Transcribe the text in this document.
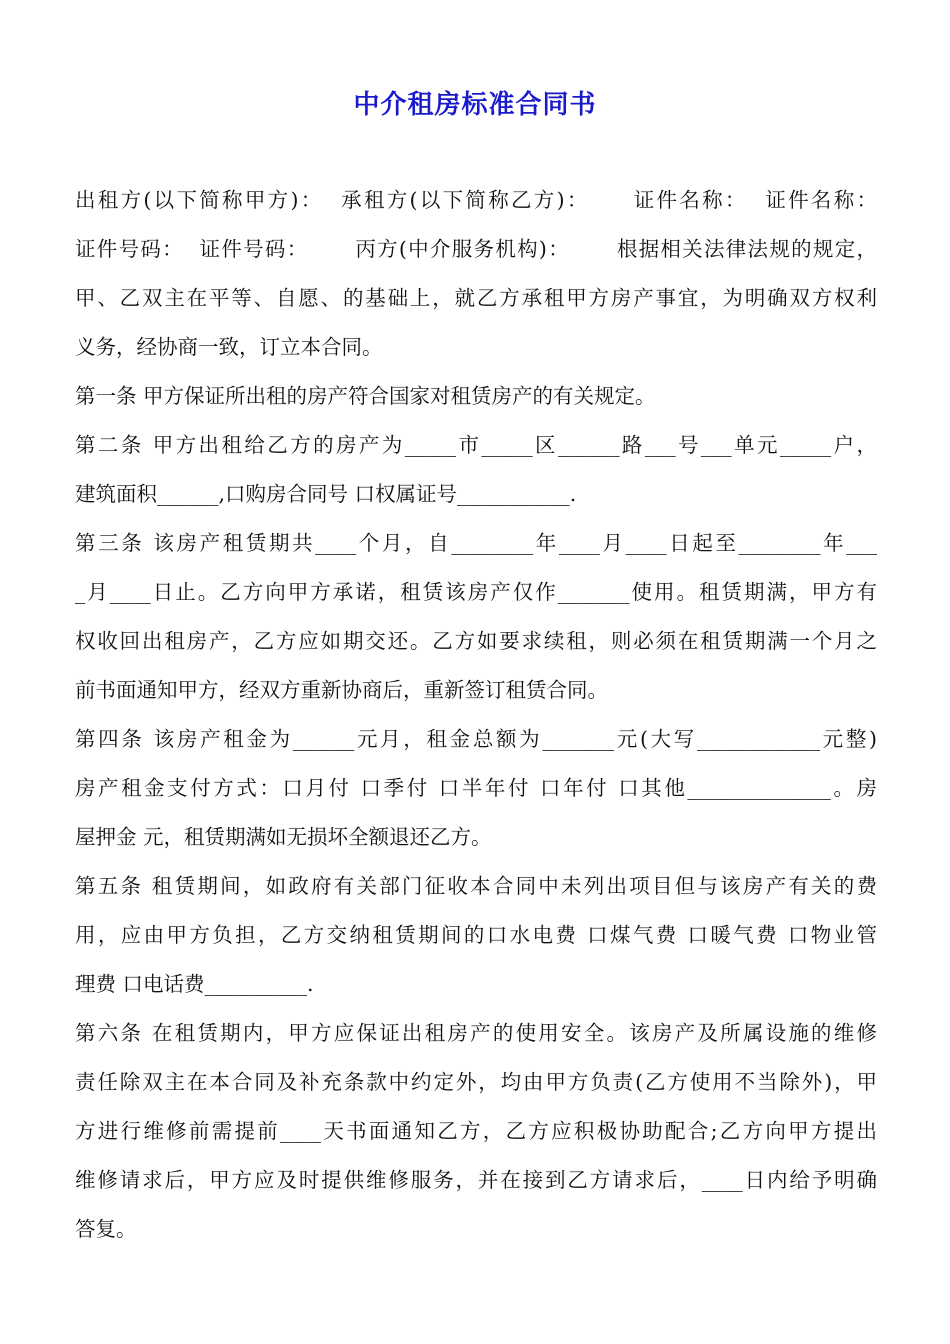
中介租房标准合同书
出租方(以下简称甲方)：  承租方(以下简称乙方)：     证件名称：  证件名称：
证件号码：  证件号码：      丙方(中介服务机构)：      根据相关法律法规的规定，
甲、乙双主在平等、自愿、的基础上，就乙方承租甲方房产事宜，为明确双方权利
义务，经协商一致，订立本合同。
第一条 甲方保证所出租的房产符合国家对租赁房产的有关规定。
第二条 甲方出租给乙方的房产为_____市_____区______路___号___单元_____户，
建筑面积______,口购房合同号 口权属证号___________.
第三条 该房产租赁期共____个月，自________年____月____日起至________年___
_月____日止。乙方向甲方承诺，租赁该房产仅作_______使用。租赁期满，甲方有
权收回出租房产，乙方应如期交还。乙方如要求续租，则必须在租赁期满一个月之
前书面通知甲方，经双方重新协商后，重新签订租赁合同。
第四条 该房产租金为______元月，租金总额为_______元(大写____________元整)
房产租金支付方式：口月付 口季付 口半年付 口年付 口其他______________。房
屋押金 元，租赁期满如无损坏全额退还乙方。
第五条 租赁期间，如政府有关部门征收本合同中未列出项目但与该房产有关的费
用，应由甲方负担，乙方交纳租赁期间的口水电费 口煤气费 口暖气费 口物业管
理费 口电话费__________.
第六条 在租赁期内，甲方应保证出租房产的使用安全。该房产及所属设施的维修
责任除双主在本合同及补充条款中约定外，均由甲方负责(乙方使用不当除外)，甲
方进行维修前需提前____天书面通知乙方，乙方应积极协助配合;乙方向甲方提出
维修请求后，甲方应及时提供维修服务，并在接到乙方请求后，____日内给予明确
答复。
